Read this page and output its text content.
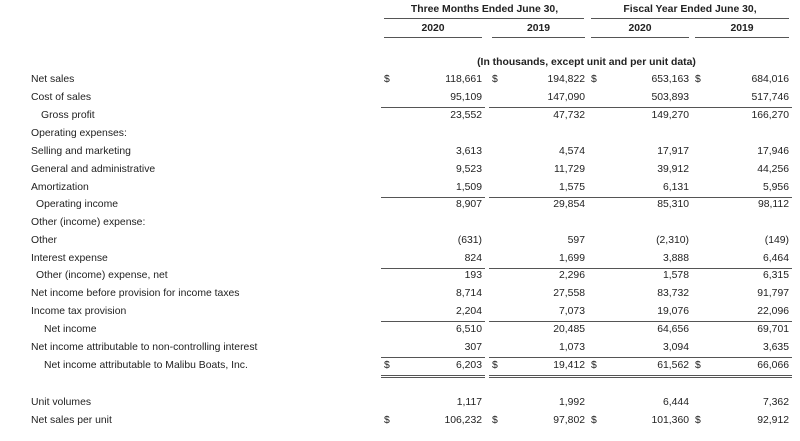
Three Months Ended June 30,	Fiscal Year Ended June 30,
2020	2019	2020	2019
(In thousands, except unit and per unit data)
Net sales	$	118,661 $	194,822 $	653,163 $	684,016
Cost of sales	95,109	147,090	503,893	517,746
Gross profit	23,552	47,732	149,270	166,270
Operating expenses:
Selling and marketing	3,613	4,574	17,917	17,946
General and administrative	9,523	11,729	39,912	44,256
Amortization	1,509	1,575	6,131	5,956
Operating income	8,907	29,854	85,310	98,112
Other (income) expense:
Other	(631)	597	(2,310)	(149)
Interest expense	824	1,699	3,888	6,464
Other (income) expense, net	193	2,296	1,578	6,315
Net income before provision for income taxes	8,714	27,558	83,732	91,797
Income tax provision	2,204	7,073	19,076	22,096
Net income	6,510	20,485	64,656	69,701
Net income attributable to non-controlling interest	307	1,073	3,094	3,635
Net income attributable to Malibu Boats, Inc.	$	6,203 $	19,412 $	61,562 $	66,066
Unit volumes	1,117	1,992	6,444	7,362
Net sales per unit	$	106,232 $	97,802 $	101,360 $	92,912
